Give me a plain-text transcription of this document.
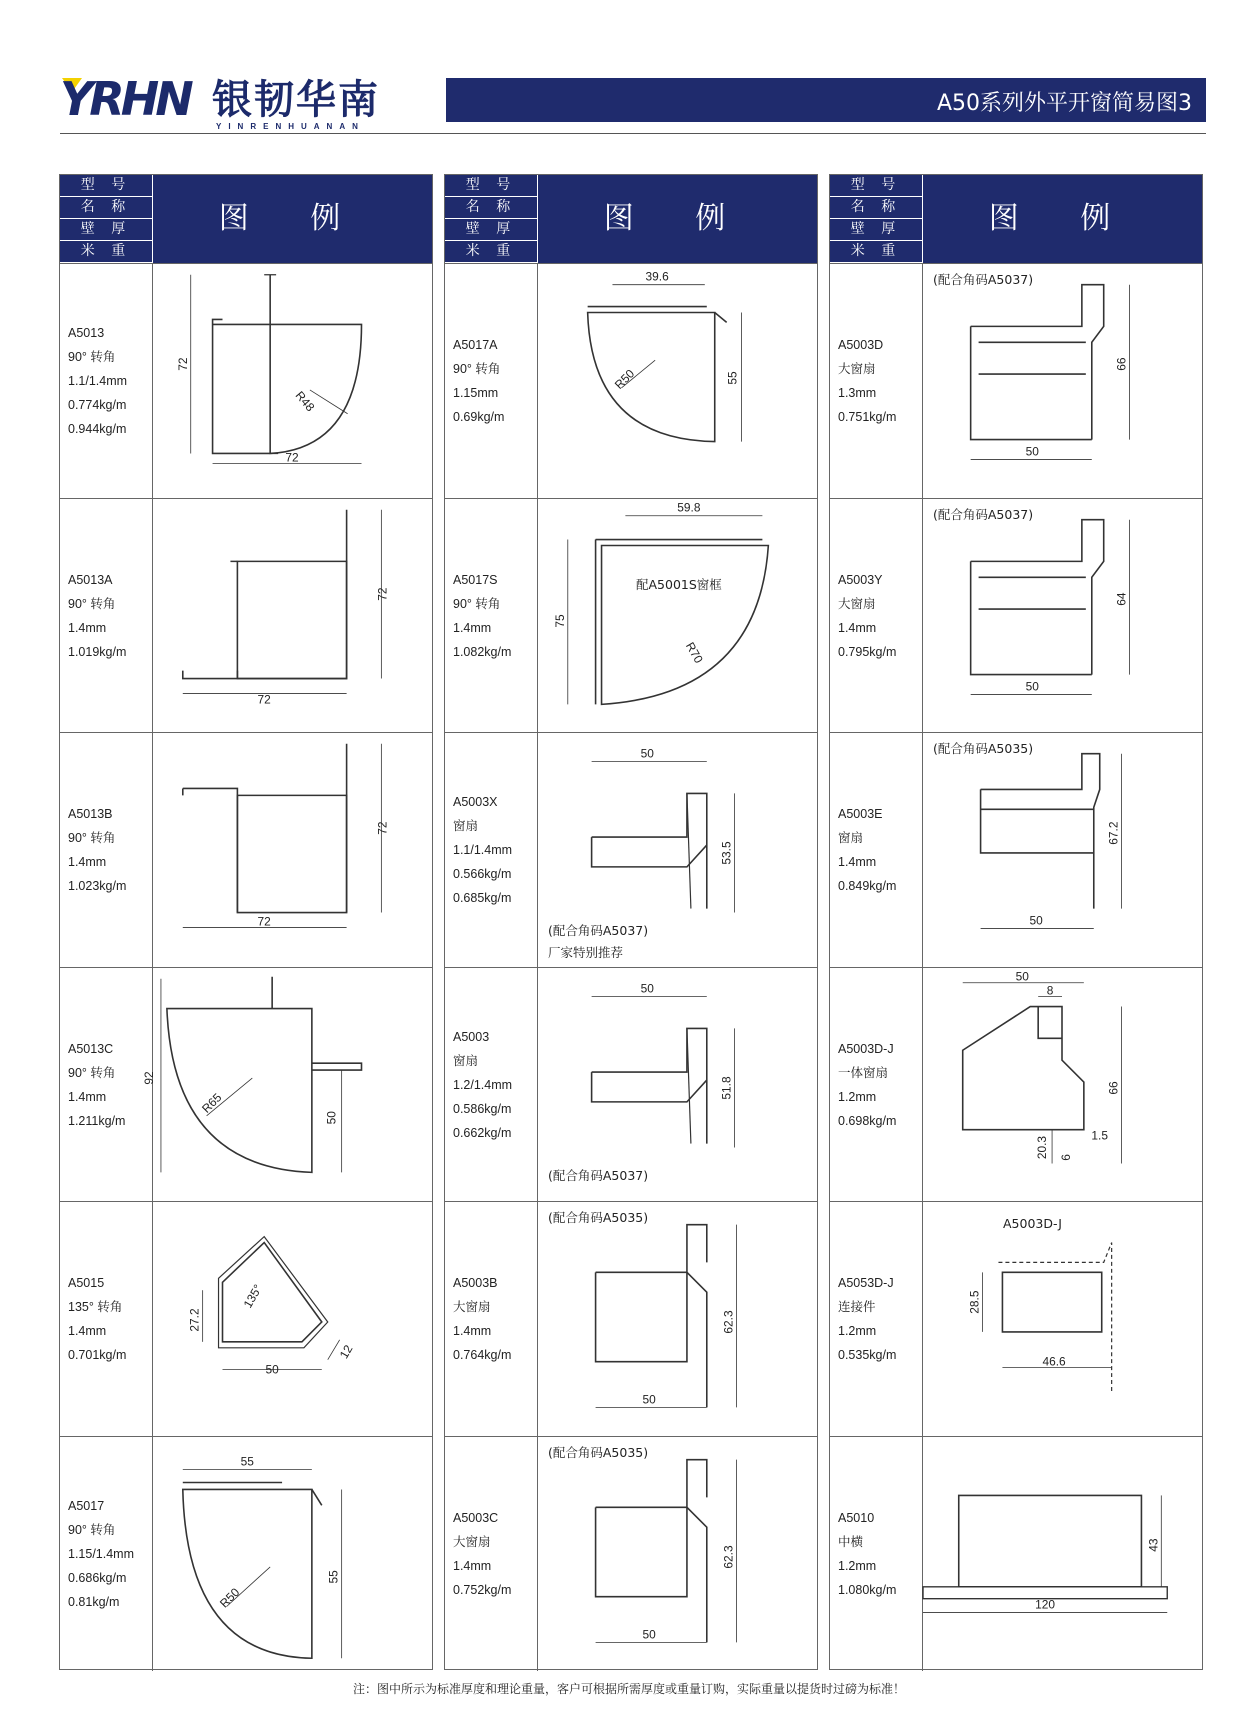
YRHN 银韧华南
YINRENHUANAN
A50系列外平开窗简易图3
型 号
名 称
壁 厚
米 重
图 例
A5013
90° 转角
1.1/1.4mm
0.774kg/m
0.944kg/m
72
72
R48
A5013A
90° 转角
1.4mm
1.019kg/m
72
72
A5013B
90° 转角
1.4mm
1.023kg/m
72
72
A5013C
90° 转角
1.4mm
1.211kg/m
92
50
R65
A5015
135° 转角
1.4mm
0.701kg/m
27.2
135°
50
12
A5017
90° 转角
1.15/1.4mm
0.686kg/m
0.81kg/m
55
55
R50
型 号
名 称
壁 厚
米 重
图 例
A5017A
90° 转角
1.15mm
0.69kg/m
39.6
55
R50
A5017S
90° 转角
1.4mm
1.082kg/m
59.8
75
R70
配A5001S窗框
A5003X
窗扇
1.1/1.4mm
0.566kg/m
0.685kg/m
50
53.5
(配合角码A5037)
厂家特别推荐
A5003
窗扇
1.2/1.4mm
0.586kg/m
0.662kg/m
50
51.8
(配合角码A5037)
A5003B
大窗扇
1.4mm
0.764kg/m
62.3
50
(配合角码A5035)
A5003C
大窗扇
1.4mm
0.752kg/m
62.3
50
(配合角码A5035)
型 号
名 称
壁 厚
米 重
图 例
A5003D
大窗扇
1.3mm
0.751kg/m
50
66
(配合角码A5037)
A5003Y
大窗扇
1.4mm
0.795kg/m
50
64
(配合角码A5037)
A5003E
窗扇
1.4mm
0.849kg/m
50
67.2
(配合角码A5035)
A5003D-J
一体窗扇
1.2mm
0.698kg/m
50
8
66
20.3
1.5
6
A5053D-J
连接件
1.2mm
0.535kg/m
28.5
46.6
A5003D-J
A5010
中横
1.2mm
1.080kg/m
43
120
注：图中所示为标准厚度和理论重量，客户可根据所需厚度或重量订购，实际重量以提货时过磅为标准！
